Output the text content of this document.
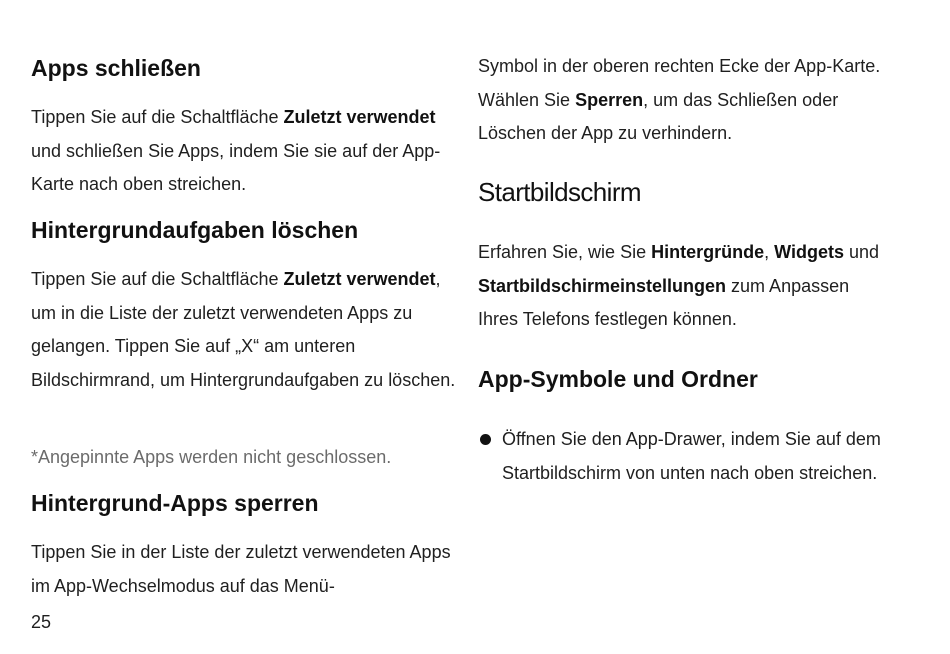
Apps schließen

Tippen Sie auf die Schaltfläche Zuletzt verwendet und schließen Sie Apps, indem Sie sie auf der App-Karte nach oben streichen.

Hintergrundaufgaben löschen

Tippen Sie auf die Schaltfläche Zuletzt verwendet, um in die Liste der zuletzt verwendeten Apps zu gelangen. Tippen Sie auf „X“ am unteren Bildschirmrand, um Hintergrundaufgaben zu löschen.

*Angepinnte Apps werden nicht geschlossen.

Hintergrund-Apps sperren

Tippen Sie in der Liste der zuletzt verwendeten Apps im App-Wechselmodus auf das Menü-

Symbol in der oberen rechten Ecke der App-Karte. Wählen Sie Sperren, um das Schließen oder Löschen der App zu verhindern.

Startbildschirm

Erfahren Sie, wie Sie Hintergründe, Widgets und Startbildschirmeinstellungen zum Anpassen Ihres Telefons festlegen können.

App-Symbole und Ordner

Öffnen Sie den App-Drawer, indem Sie auf dem Startbildschirm von unten nach oben streichen.

25
